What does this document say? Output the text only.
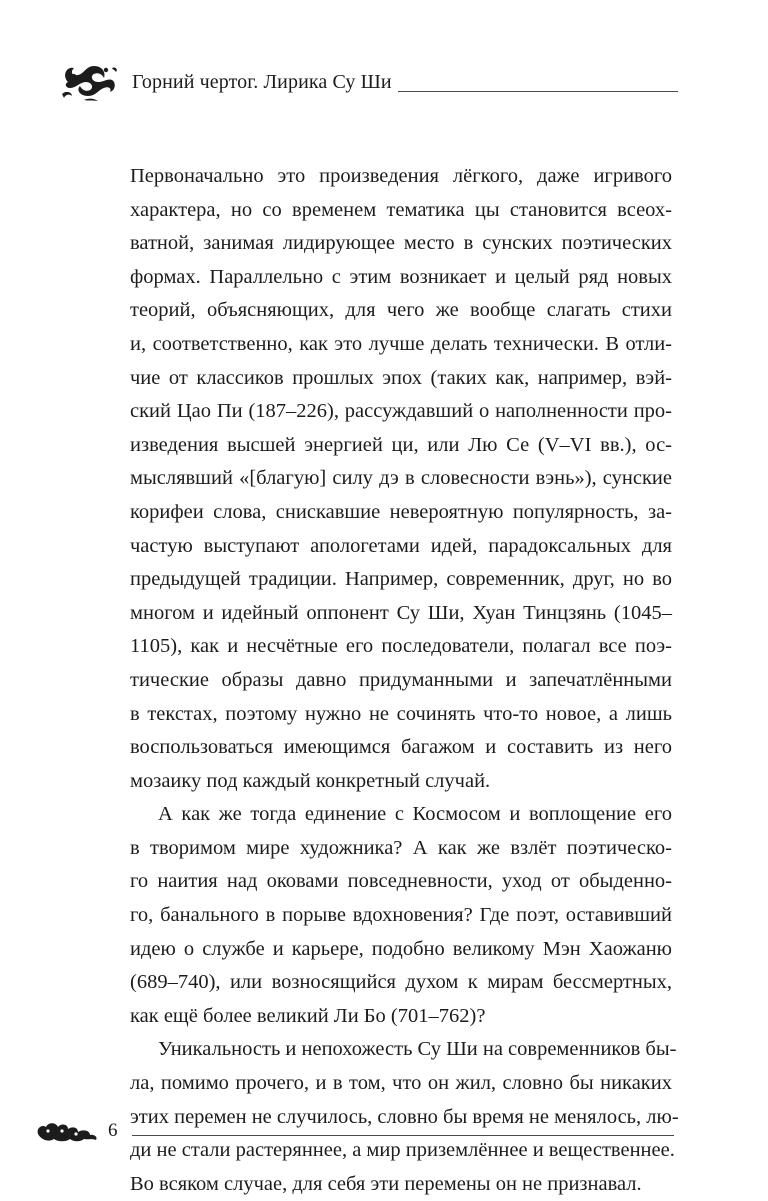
Горний чертог. Лирика Су Ши

Первоначально это произведения лёгкого, даже игривого
характера, но со временем тематика цы становится всеох-
ватной, занимая лидирующее место в сунских поэтических
формах. Параллельно с этим возникает и целый ряд новых
теорий, объясняющих, для чего же вообще слагать стихи
и, соответственно, как это лучше делать технически. В отли-
чие от классиков прошлых эпох (таких как, например, вэй-
ский Цао Пи (187–226), рассуждавший о наполненности про-
изведения высшей энергией ци, или Лю Се (V–VI вв.), ос-
мыслявший «[благую] силу дэ в словесности вэнь»), сунские
корифеи слова, снискавшие невероятную популярность, за-
частую выступают апологетами идей, парадоксальных для
предыдущей традиции. Например, современник, друг, но во
многом и идейный оппонент Су Ши, Хуан Тинцзянь (1045–
1105), как и несчётные его последователи, полагал все поэ-
тические образы давно придуманными и запечатлёнными
в текстах, поэтому нужно не сочинять что-то новое, а лишь
воспользоваться имеющимся багажом и составить из него
мозаику под каждый конкретный случай.

А как же тогда единение с Космосом и воплощение его
в творимом мире художника? А как же взлёт поэтическо-
го наития над оковами повседневности, уход от обыденно-
го, банального в порыве вдохновения? Где поэт, оставивший
идею о службе и карьере, подобно великому Мэн Хаожаню
(689–740), или возносящийся духом к мирам бессмертных,
как ещё более великий Ли Бо (701–762)?

Уникальность и непохожесть Су Ши на современников бы-
ла, помимо прочего, и в том, что он жил, словно бы никаких
этих перемен не случилось, словно бы время не менялось, лю-
ди не стали растеряннее, а мир приземлённее и вещественнее.
Во всяком случае, для себя эти перемены он не признавал.

6
